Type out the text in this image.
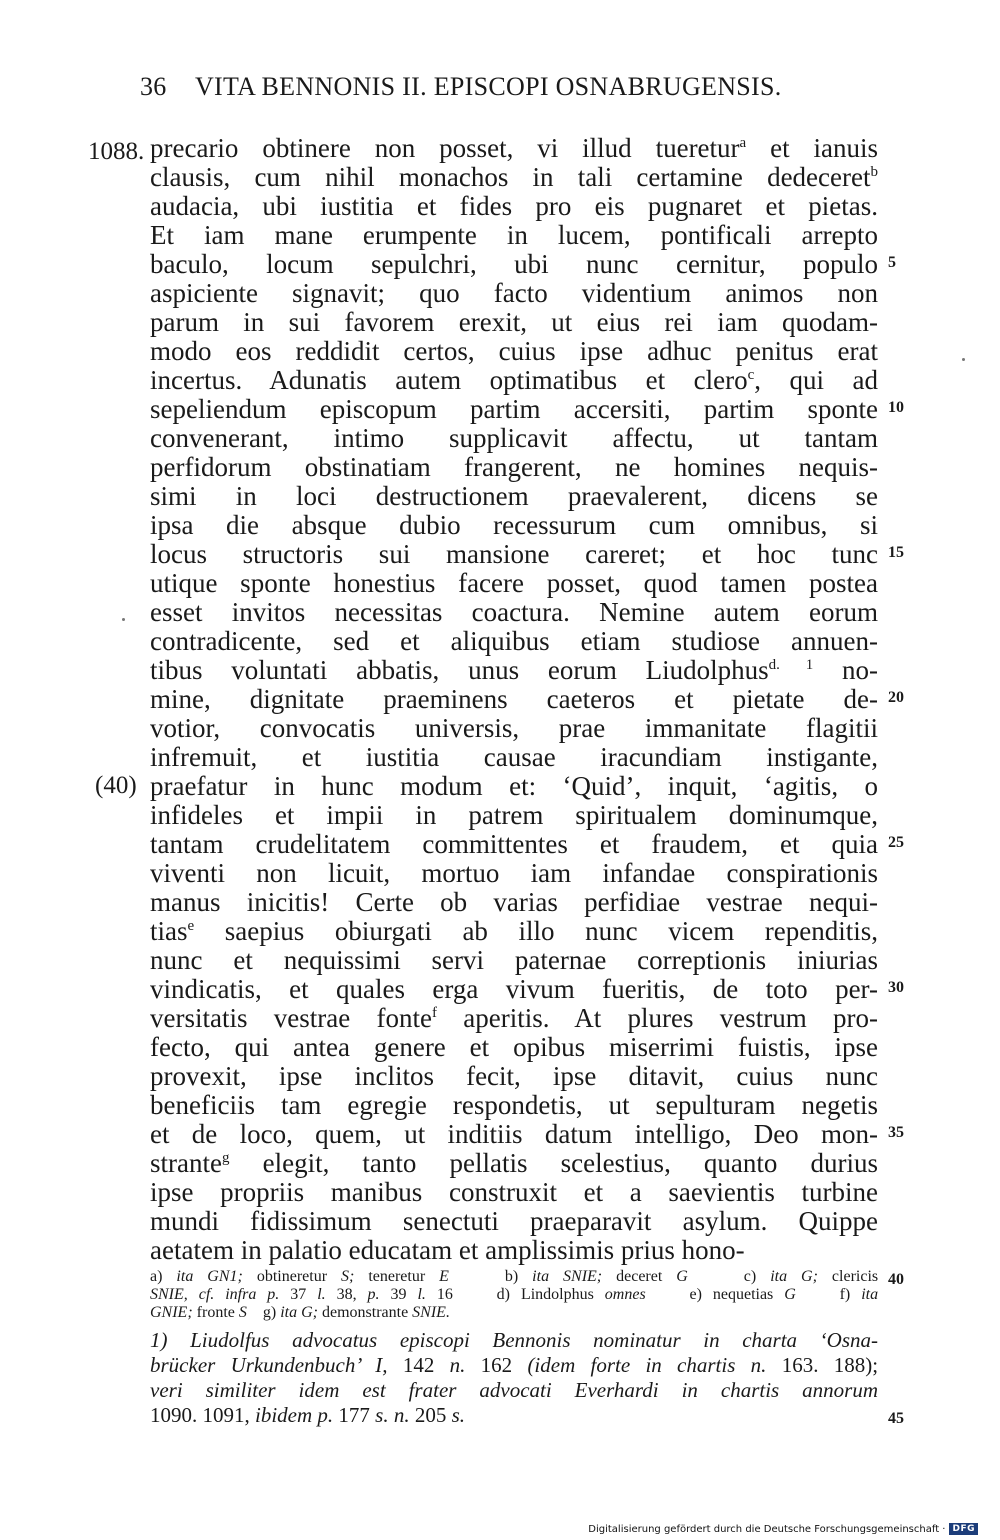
36 VITA BENNONIS II. EPISCOPI OSNABRUGENSIS.
1088.
(40)
precario obtinere non posset, vi illud tueretur$^a$ et ianuis
clausis, cum nihil monachos in tali certamine dedeceret$^b$
audacia, ubi iustitia et fides pro eis pugnaret et pietas.
Et iam mane erumpente in lucem, pontificali arrepto
baculo, locum sepulchri, ubi nunc cernitur, populo
aspiciente signavit; quo facto videntium animos non
parum in sui favorem erexit, ut eius rei iam quodam-
modo eos reddidit certos, cuius ipse adhuc penitus erat
incertus. Adunatis autem optimatibus et clero$^c$, qui ad
sepeliendum episcopum partim accersiti, partim sponte
convenerant, intimo supplicavit affectu, ut tantam
perfidorum obstinatiam frangerent, ne homines nequis-
simi in loci destructionem praevalerent, dicens se
ipsa die absque dubio recessurum cum omnibus, si
locus structoris sui mansione careret; et hoc tunc
utique sponte honestius facere posset, quod tamen postea
esset invitos necessitas coactura. Nemine autem eorum
contradicente, sed et aliquibus etiam studiose annuen-
tibus voluntati abbatis, unus eorum Liudolphus$^{d. 1}$ no-
mine, dignitate praeminens caeteros et pietate de-
votior, convocatis universis, prae immanitate flagitii
infremuit, et iustitia causae iracundiam instigante,
praefatur in hunc modum et: ‘Quid’, inquit, ‘agitis, o
infideles et impii in patrem spiritualem dominumque,
tantam crudelitatem committentes et fraudem, et quia
viventi non licuit, mortuo iam infandae conspirationis
manus inicitis! Certe ob varias perfidiae vestrae nequi-
tias$^e$ saepius obiurgati ab illo nunc vicem rependitis,
nunc et nequissimi servi paternae correptionis iniurias
vindicatis, et quales erga vivum fueritis, de toto per-
versitatis vestrae fonte$^f$ aperitis. At plures vestrum pro-
fecto, qui antea genere et opibus miserrimi fuistis, ipse
provexit, ipse inclitos fecit, ipse ditavit, cuius nunc
beneficiis tam egregie respondetis, ut sepulturam negetis
et de loco, quem, ut inditiis datum intelligo, Deo mon-
strante$^g$ elegit, tanto pellatis scelestius, quanto durius
ipse propriis manibus construxit et a saevientis turbine
mundi fidissimum senectuti praeparavit asylum. Quippe
aetatem in palatio educatam et amplissimis prius hono-
5
10
15
20
25
30
35
40
45
a) ita GN1; obtineretur S; teneretur E	b) ita SNIE; deceret G	c) ita G; clericis
SNIE, cf. infra p. 37 l. 38, p. 39 l. 16	d) Lindolphus omnes	e) nequetias G	f) ita
GNIE; fronte S g) ita G; demonstrante SNIE.
1) Liudolfus advocatus episcopi Bennonis nominatur in charta ‘Osna-
brücker Urkundenbuch’ I, 142 n. 162 (idem forte in chartis n. 163. 188);
veri similiter idem est frater advocati Everhardi in chartis annorum
1090. 1091, ibidem p. 177 s. n. 205 s.
Digitalisierung gefördert durch die Deutsche Forschungsgemeinschaft · DFG
